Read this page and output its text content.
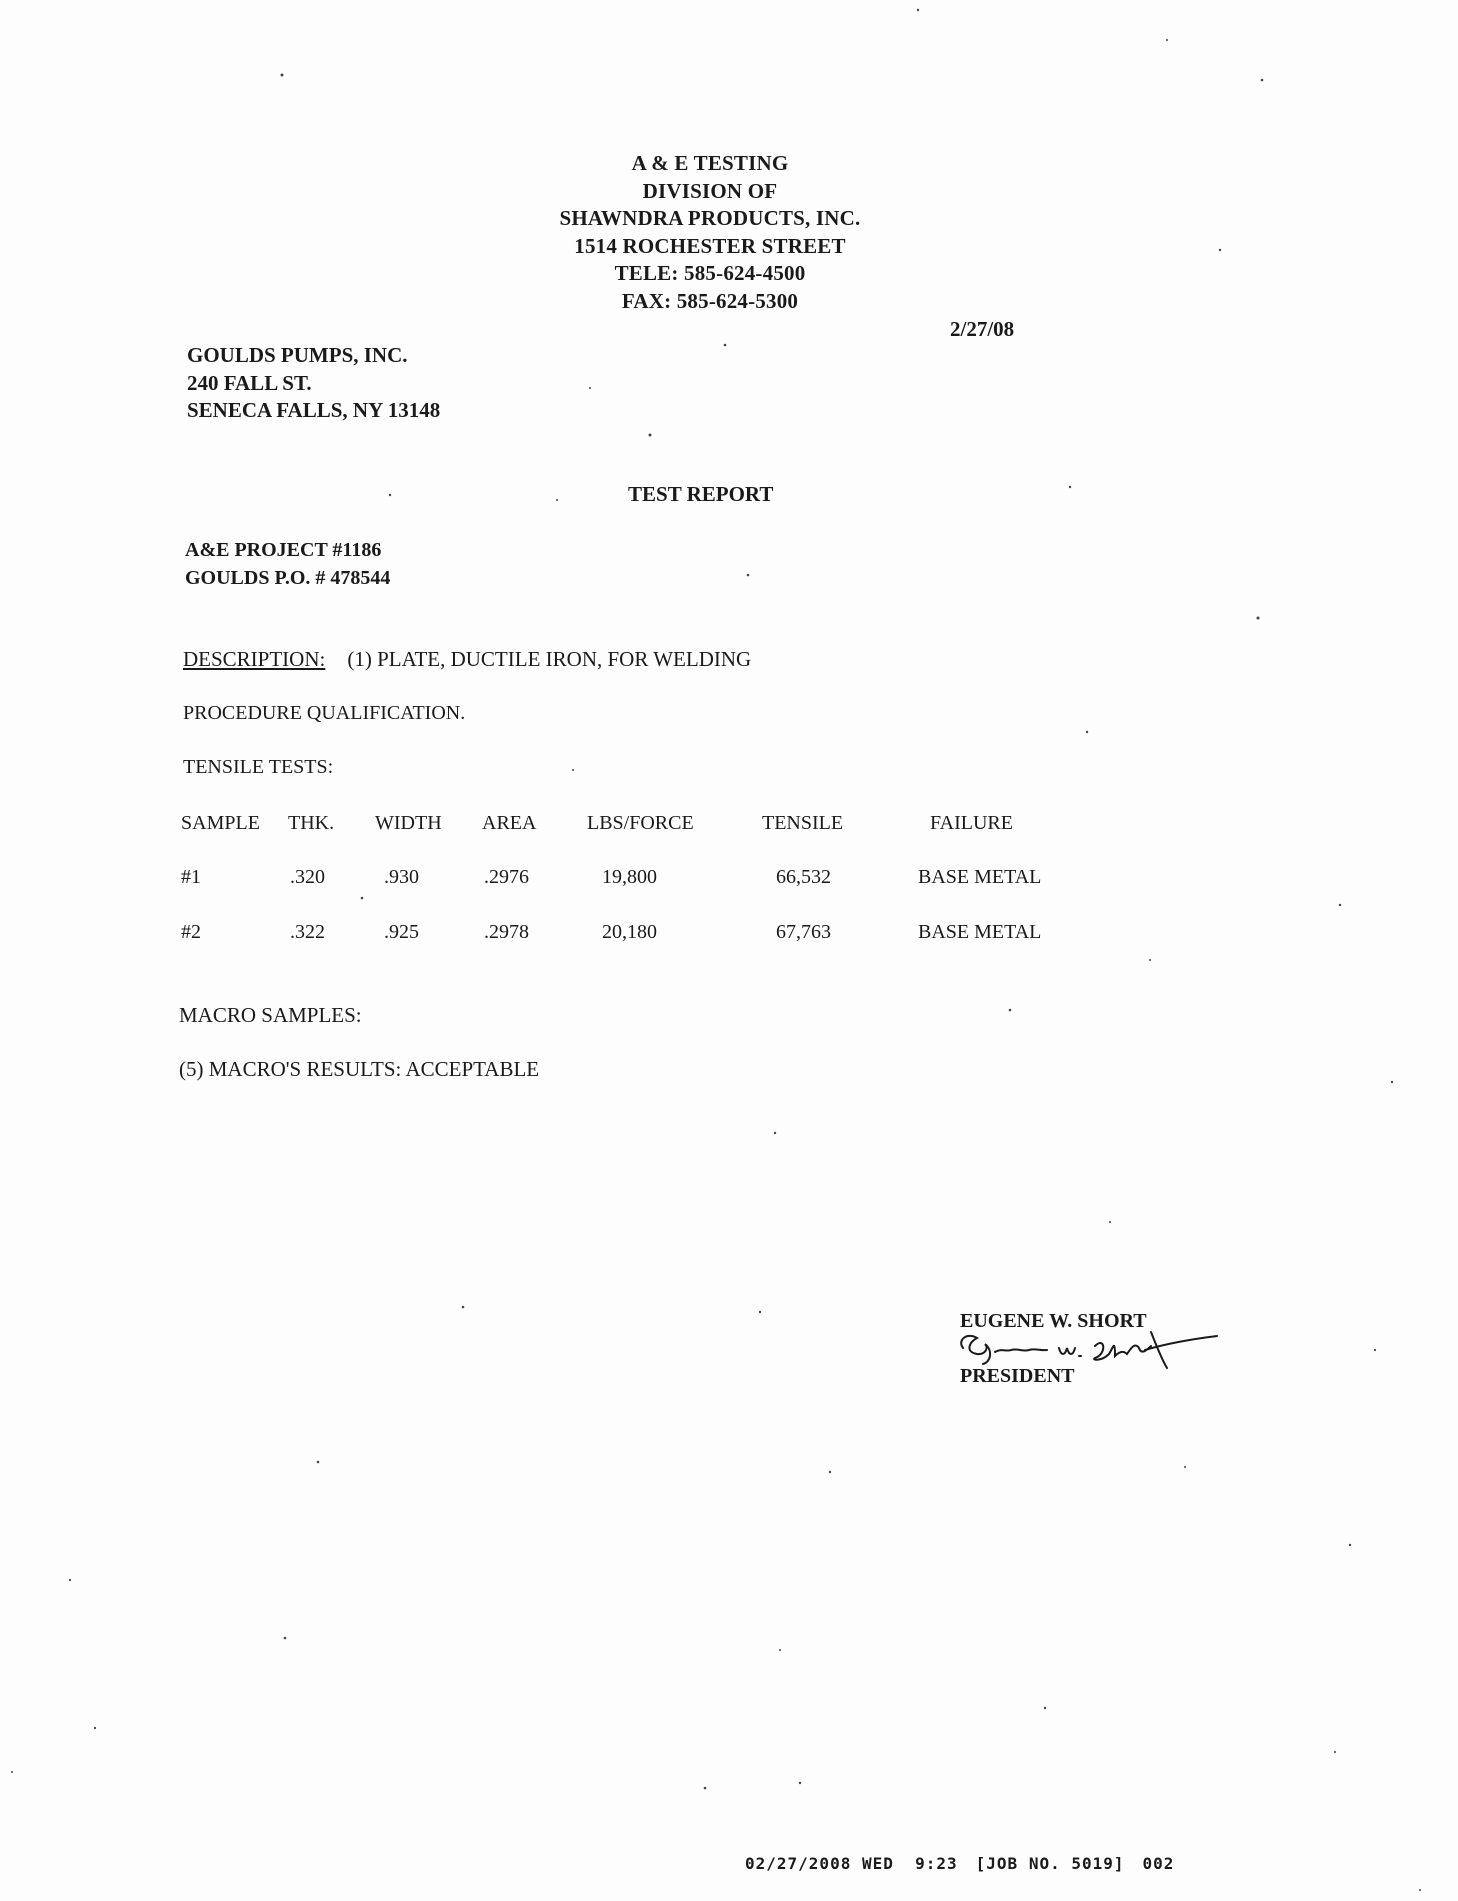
A & E TESTING
DIVISION OF
SHAWNDRA PRODUCTS, INC.
1514 ROCHESTER STREET
TELE: 585-624-4500
FAX: 585-624-5300
2/27/08
GOULDS PUMPS, INC.
240 FALL ST.
SENECA FALLS, NY 13148
TEST REPORT
A&E PROJECT #1186
GOULDS P.O. # 478544
DESCRIPTION: (1) PLATE, DUCTILE IRON, FOR WELDING
PROCEDURE QUALIFICATION.
TENSILE TESTS:
SAMPLE THK. WIDTH AREA	LBS/FORCE	TENSILE	FAILURE
#1	.320	.930	.2976	19,800	66,532	BASE METAL
#2	.322	.925	.2978	20,180	67,763	BASE METAL
MACRO SAMPLES:
(5) MACRO'S RESULTS: ACCEPTABLE
EUGENE W. SHORT
PRESIDENT
02/27/2008 WED  9:23 [JOB NO. 5019] 002
